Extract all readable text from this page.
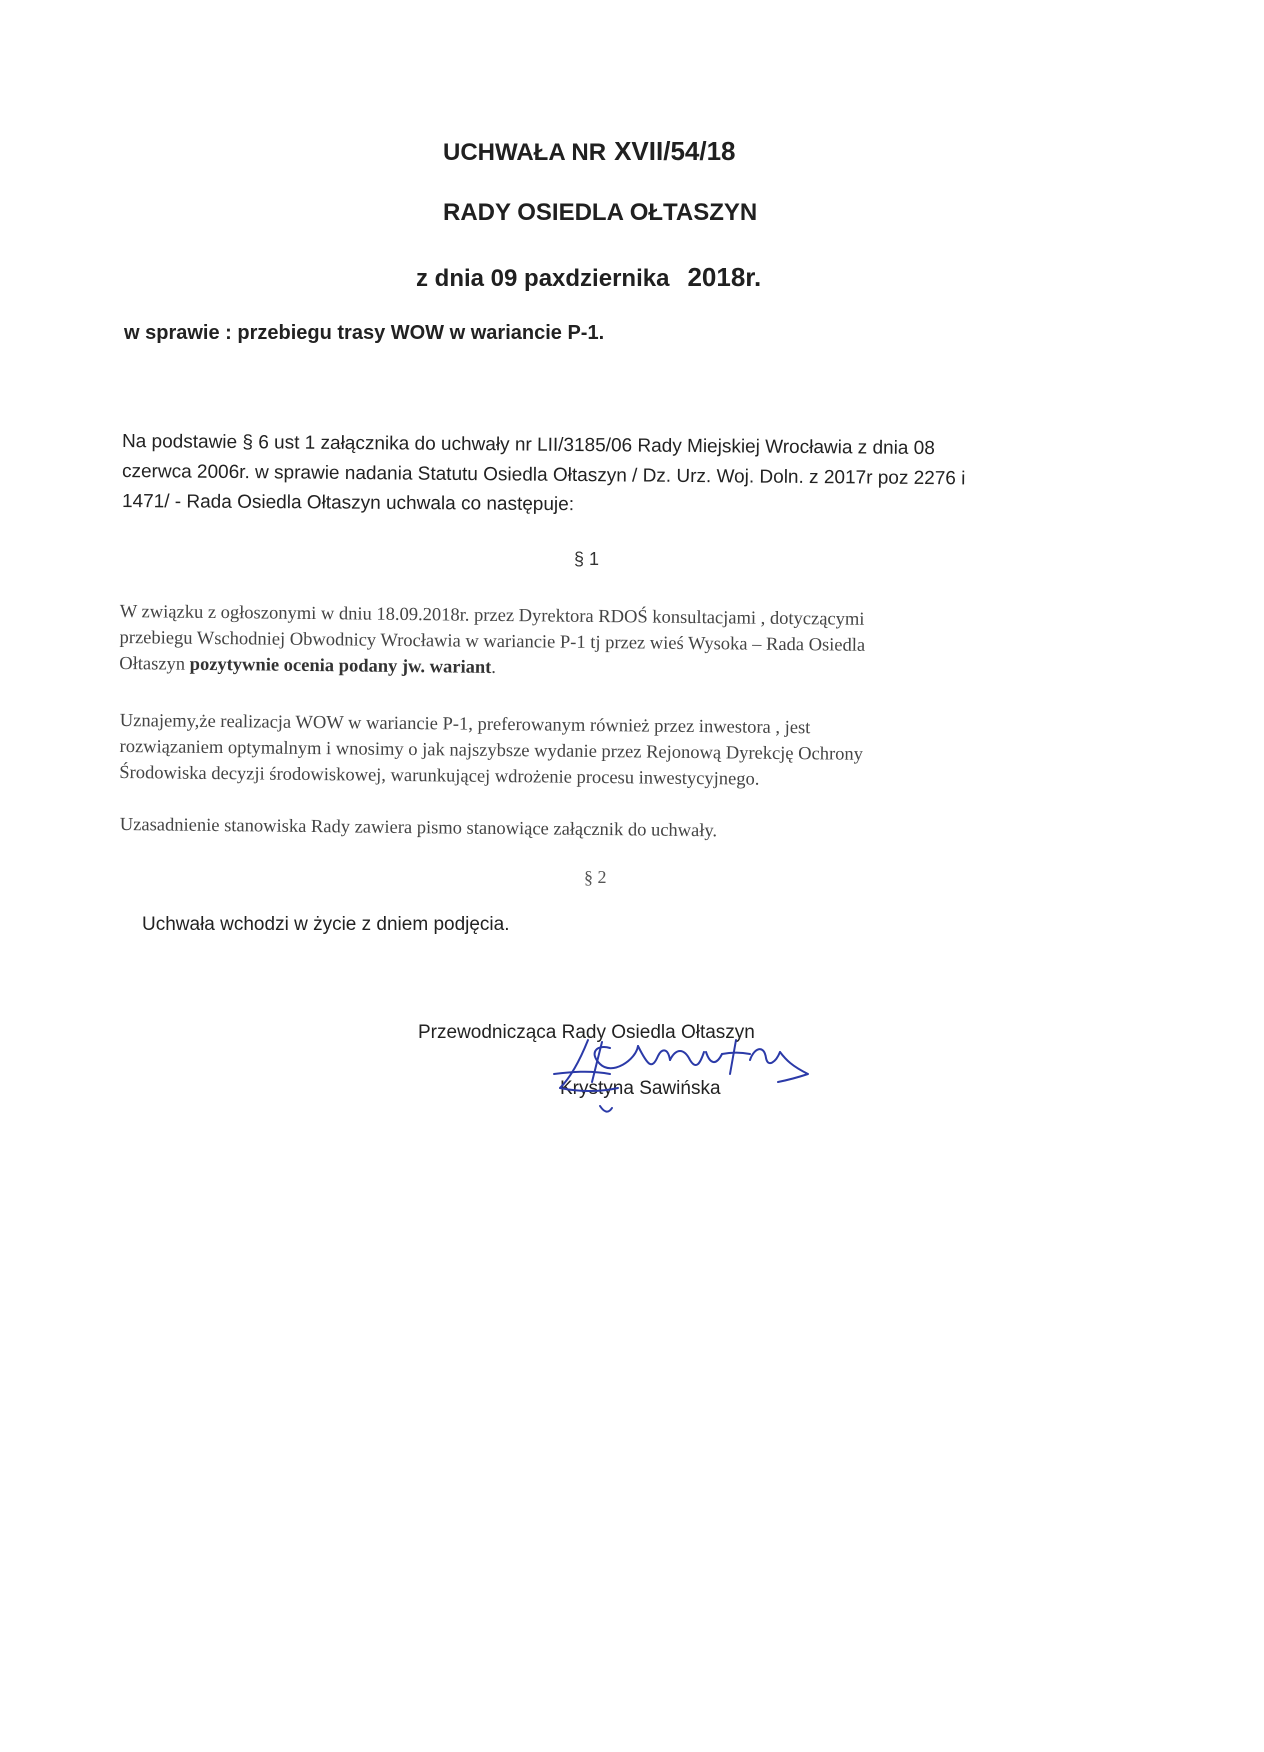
UCHWAŁA NR XVII/54/18
RADY OSIEDLA OŁTASZYN
z dnia 09 paxdziernika 2018r.
w sprawie : przebiegu trasy WOW w wariancie P-1.
Na podstawie § 6 ust 1 załącznika do uchwały nr LII/3185/06 Rady Miejskiej Wrocławia z dnia 08
czerwca 2006r. w sprawie nadania Statutu Osiedla Ołtaszyn / Dz. Urz. Woj. Doln. z 2017r poz 2276 i
1471/ - Rada Osiedla Ołtaszyn uchwala co następuje:
§ 1
W związku z ogłoszonymi w dniu 18.09.2018r. przez Dyrektora RDOŚ konsultacjami , dotyczącymi
przebiegu Wschodniej Obwodnicy Wrocławia w wariancie P-1 tj przez wieś Wysoka – Rada Osiedla
Ołtaszyn pozytywnie ocenia podany jw. wariant.
Uznajemy,że realizacja WOW w wariancie P-1, preferowanym również przez inwestora , jest
rozwiązaniem optymalnym i wnosimy o jak najszybsze wydanie przez Rejonową Dyrekcję Ochrony
Środowiska decyzji środowiskowej, warunkującej wdrożenie procesu inwestycyjnego.
Uzasadnienie stanowiska Rady zawiera pismo stanowiące załącznik do uchwały.
§ 2
Uchwała wchodzi w życie z dniem podjęcia.
Przewodnicząca Rady Osiedla Ołtaszyn
Krystyna Sawińska
